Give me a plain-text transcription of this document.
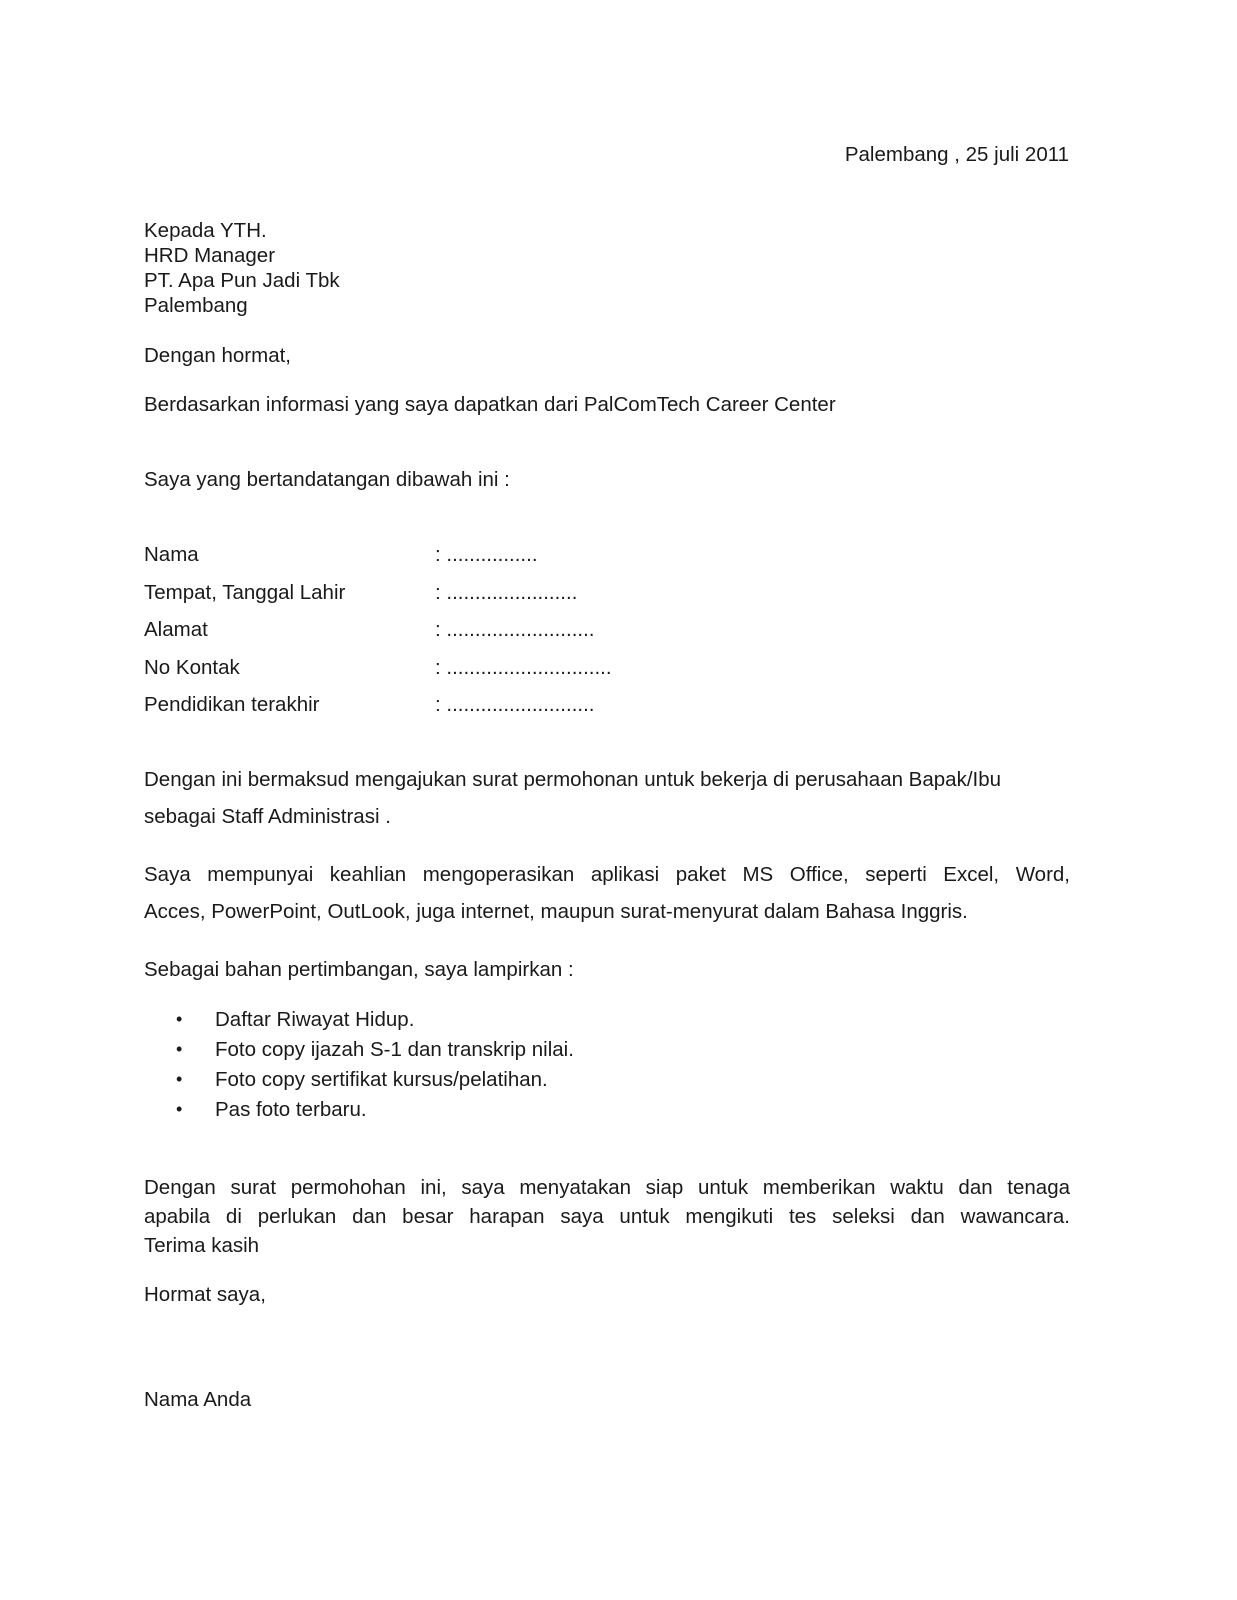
Palembang , 25 juli 2011
Kepada YTH.
HRD Manager
PT. Apa Pun Jadi Tbk
Palembang
Dengan hormat,
Berdasarkan informasi yang saya dapatkan dari PalComTech Career Center
Saya yang bertandatangan dibawah ini :
Nama	: ................
Tempat, Tanggal Lahir	: .......................
Alamat	: ..........................
No Kontak	: .............................
Pendidikan terakhir	: ..........................
Dengan ini bermaksud mengajukan surat permohonan untuk bekerja di perusahaan Bapak/Ibu
sebagai Staff Administrasi .
Saya mempunyai keahlian mengoperasikan aplikasi paket MS Office, seperti Excel, Word,
Acces, PowerPoint, OutLook, juga internet, maupun surat-menyurat dalam Bahasa Inggris.
Sebagai bahan pertimbangan, saya lampirkan :
• Daftar Riwayat Hidup.
• Foto copy ijazah S-1 dan transkrip nilai.
• Foto copy sertifikat kursus/pelatihan.
• Pas foto terbaru.
Dengan surat permohohan ini, saya menyatakan siap untuk memberikan waktu dan tenaga
apabila di perlukan dan besar harapan saya untuk mengikuti tes seleksi dan wawancara.
Terima kasih
Hormat saya,
Nama Anda
